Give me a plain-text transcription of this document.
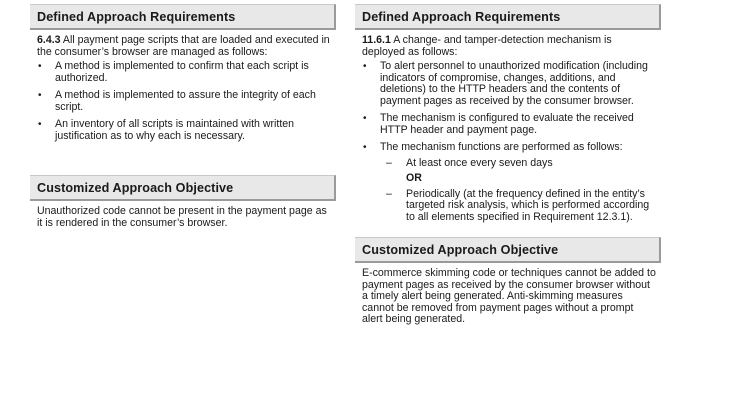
Defined Approach Requirements
6.4.3 All payment page scripts that are loaded and executed in the consumer’s browser are managed as follows:
• A method is implemented to confirm that each script is authorized.
• A method is implemented to assure the integrity of each script.
• An inventory of all scripts is maintained with written justification as to why each is necessary.
Customized Approach Objective
Unauthorized code cannot be present in the payment page as it is rendered in the consumer’s browser.
Defined Approach Requirements
11.6.1 A change- and tamper-detection mechanism is deployed as follows:
• To alert personnel to unauthorized modification (including indicators of compromise, changes, additions, and deletions) to the HTTP headers and the contents of payment pages as received by the consumer browser.
• The mechanism is configured to evaluate the received HTTP header and payment page.
• The mechanism functions are performed as follows:
– At least once every seven days
OR
– Periodically (at the frequency defined in the entity’s targeted risk analysis, which is performed according to all elements specified in Requirement 12.3.1).
Customized Approach Objective
E-commerce skimming code or techniques cannot be added to payment pages as received by the consumer browser without a timely alert being generated. Anti-skimming measures cannot be removed from payment pages without a prompt alert being generated.
